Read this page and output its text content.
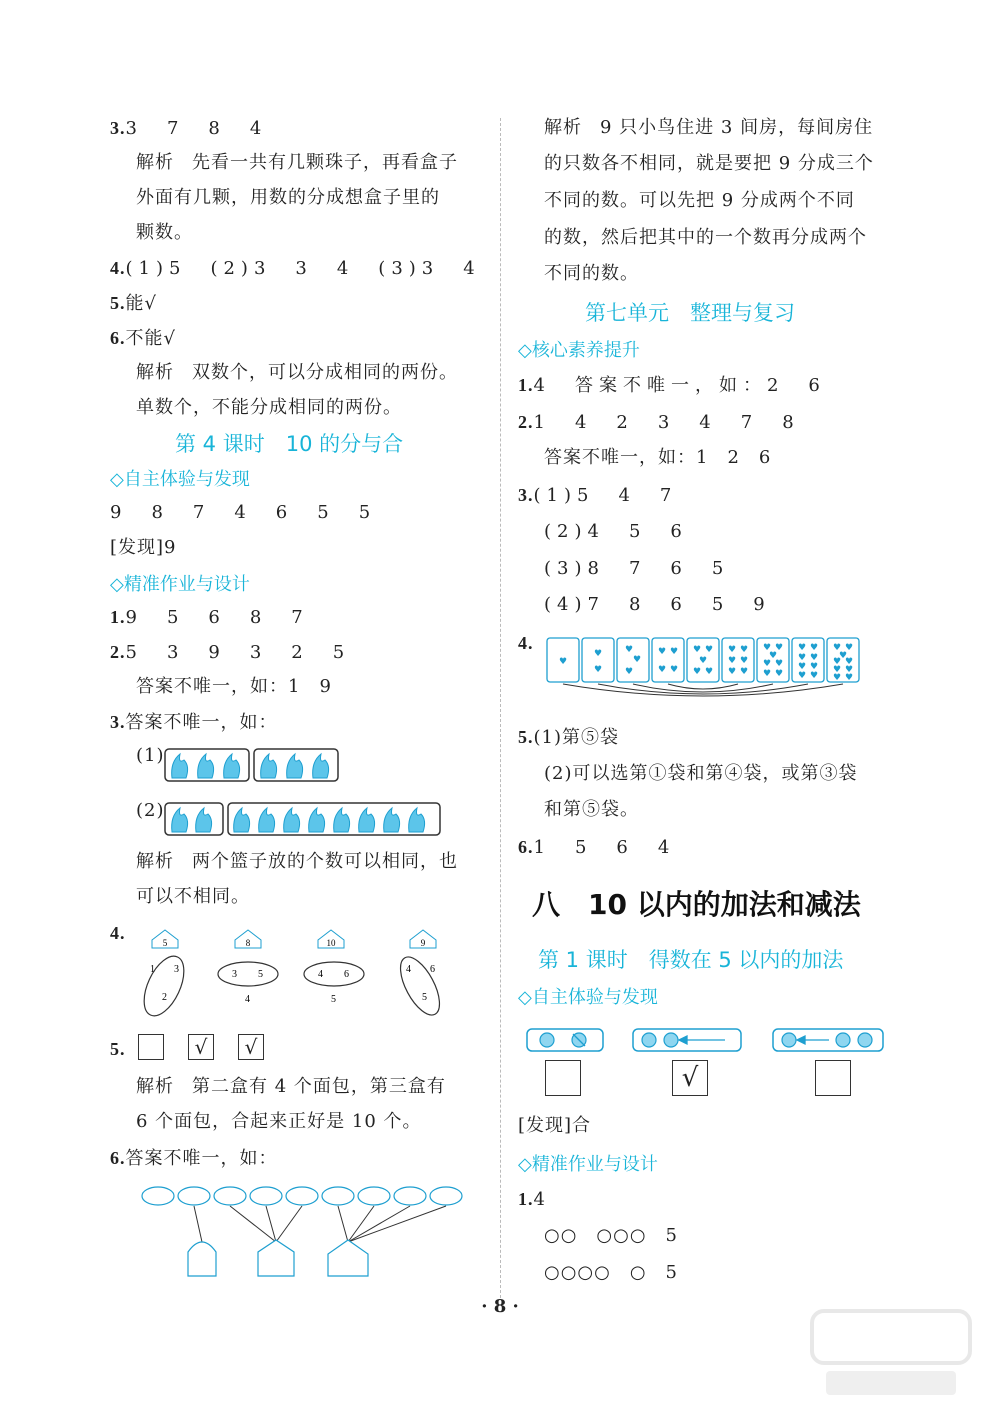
3.3　7　8　4
解析 先看一共有几颗珠子，再看盒子
外面有几颗，用数的分成想盒子里的
颗数。
4.(1)5　(2)3　3　4　(3)3　4
5.能√
6.不能√
解析 双数个，可以分成相同的两份。
单数个，不能分成相同的两份。
第 4 课时　10 的分与合
◇自主体验与发现
9　8　7　4　6　5　5
[发现]9
◇精准作业与设计
1.9　5　6　8　7
2.5　3　9　3　2　5
答案不唯一，如：1　9
3.答案不唯一，如：
(1)
(2)
解析 两个篮子放的个数可以相同，也
可以不相同。
4.	5
1 3
2
8
3 5
4
10
4 6
5
9
4 6
5
5.	√	√
解析 第二盒有 4 个面包，第三盒有
6 个面包，合起来正好是 10 个。
6.答案不唯一，如：
解析 9 只小鸟住进 3 间房，每间房住
的只数各不相同，就是要把 9 分成三个
不同的数。可以先把 9 分成两个不同
的数，然后把其中的一个数再分成两个
不同的数。
第七单元　整理与复习
◇核心素养提升
1.4　答案不唯一，如：2　6
2.1　4　2　3　4　7　8
答案不唯一，如：1　2　6
3.(1)5　4　7
(2)4　5　6
(3)8　7　6　5
(4)7　8　6　5　9
4.
♥
♥
♥
♥
♥
♥
♥ ♥
♥ ♥
♥ ♥
♥
♥ ♥
♥ ♥
♥ ♥
♥ ♥
♥ ♥
♥
♥ ♥
♥ ♥
♥ ♥
♥ ♥
♥ ♥
♥ ♥
♥ ♥
♥
♥ ♥
♥ ♥
♥ ♥
5.(1)第⑤袋
(2)可以选第①袋和第④袋，或第③袋
和第⑤袋。
6.1　5　6　4
八　10 以内的加法和减法
第 1 课时　得数在 5 以内的加法
◇自主体验与发现
√
[发现]合
◇精准作业与设计
1.4
○○　○○○　5
○○○○　○　5
· 8 ·
